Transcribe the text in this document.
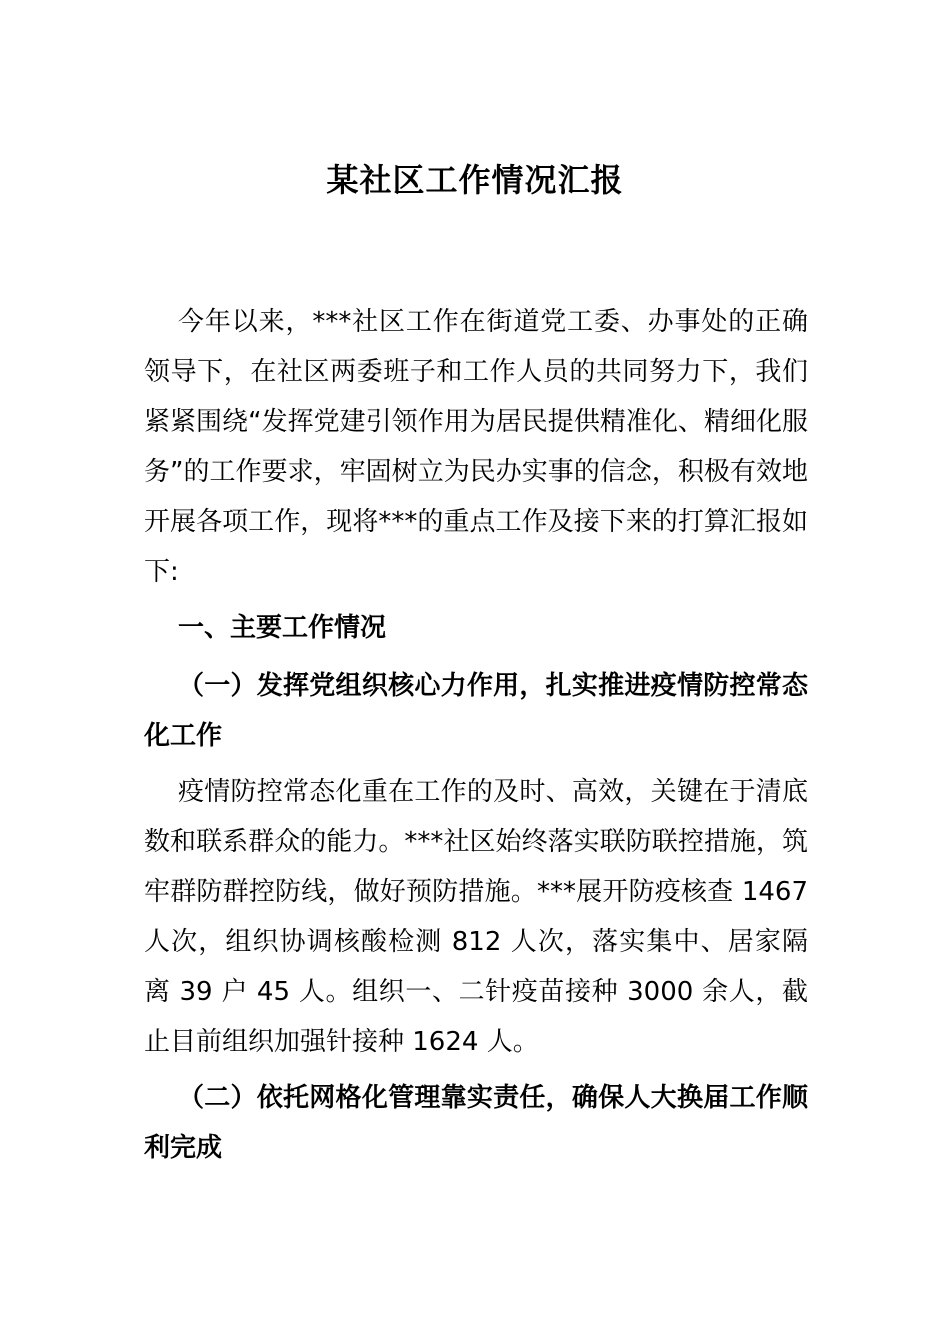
某社区工作情况汇报

今年以来，***社区工作在街道党工委、办事处的正确领导下，在社区两委班子和工作人员的共同努力下，我们紧紧围绕“发挥党建引领作用为居民提供精准化、精细化服务”的工作要求，牢固树立为民办实事的信念，积极有效地开展各项工作，现将***的重点工作及接下来的打算汇报如下:

一、主要工作情况

（一）发挥党组织核心力作用，扎实推进疫情防控常态化工作

疫情防控常态化重在工作的及时、高效，关键在于清底数和联系群众的能力。***社区始终落实联防联控措施，筑牢群防群控防线，做好预防措施。***展开防疫核查 1467 人次，组织协调核酸检测 812 人次，落实集中、居家隔离 39 户 45 人。组织一、二针疫苗接种 3000 余人，截止目前组织加强针接种 1624 人。

（二）依托网格化管理靠实责任，确保人大换届工作顺利完成
